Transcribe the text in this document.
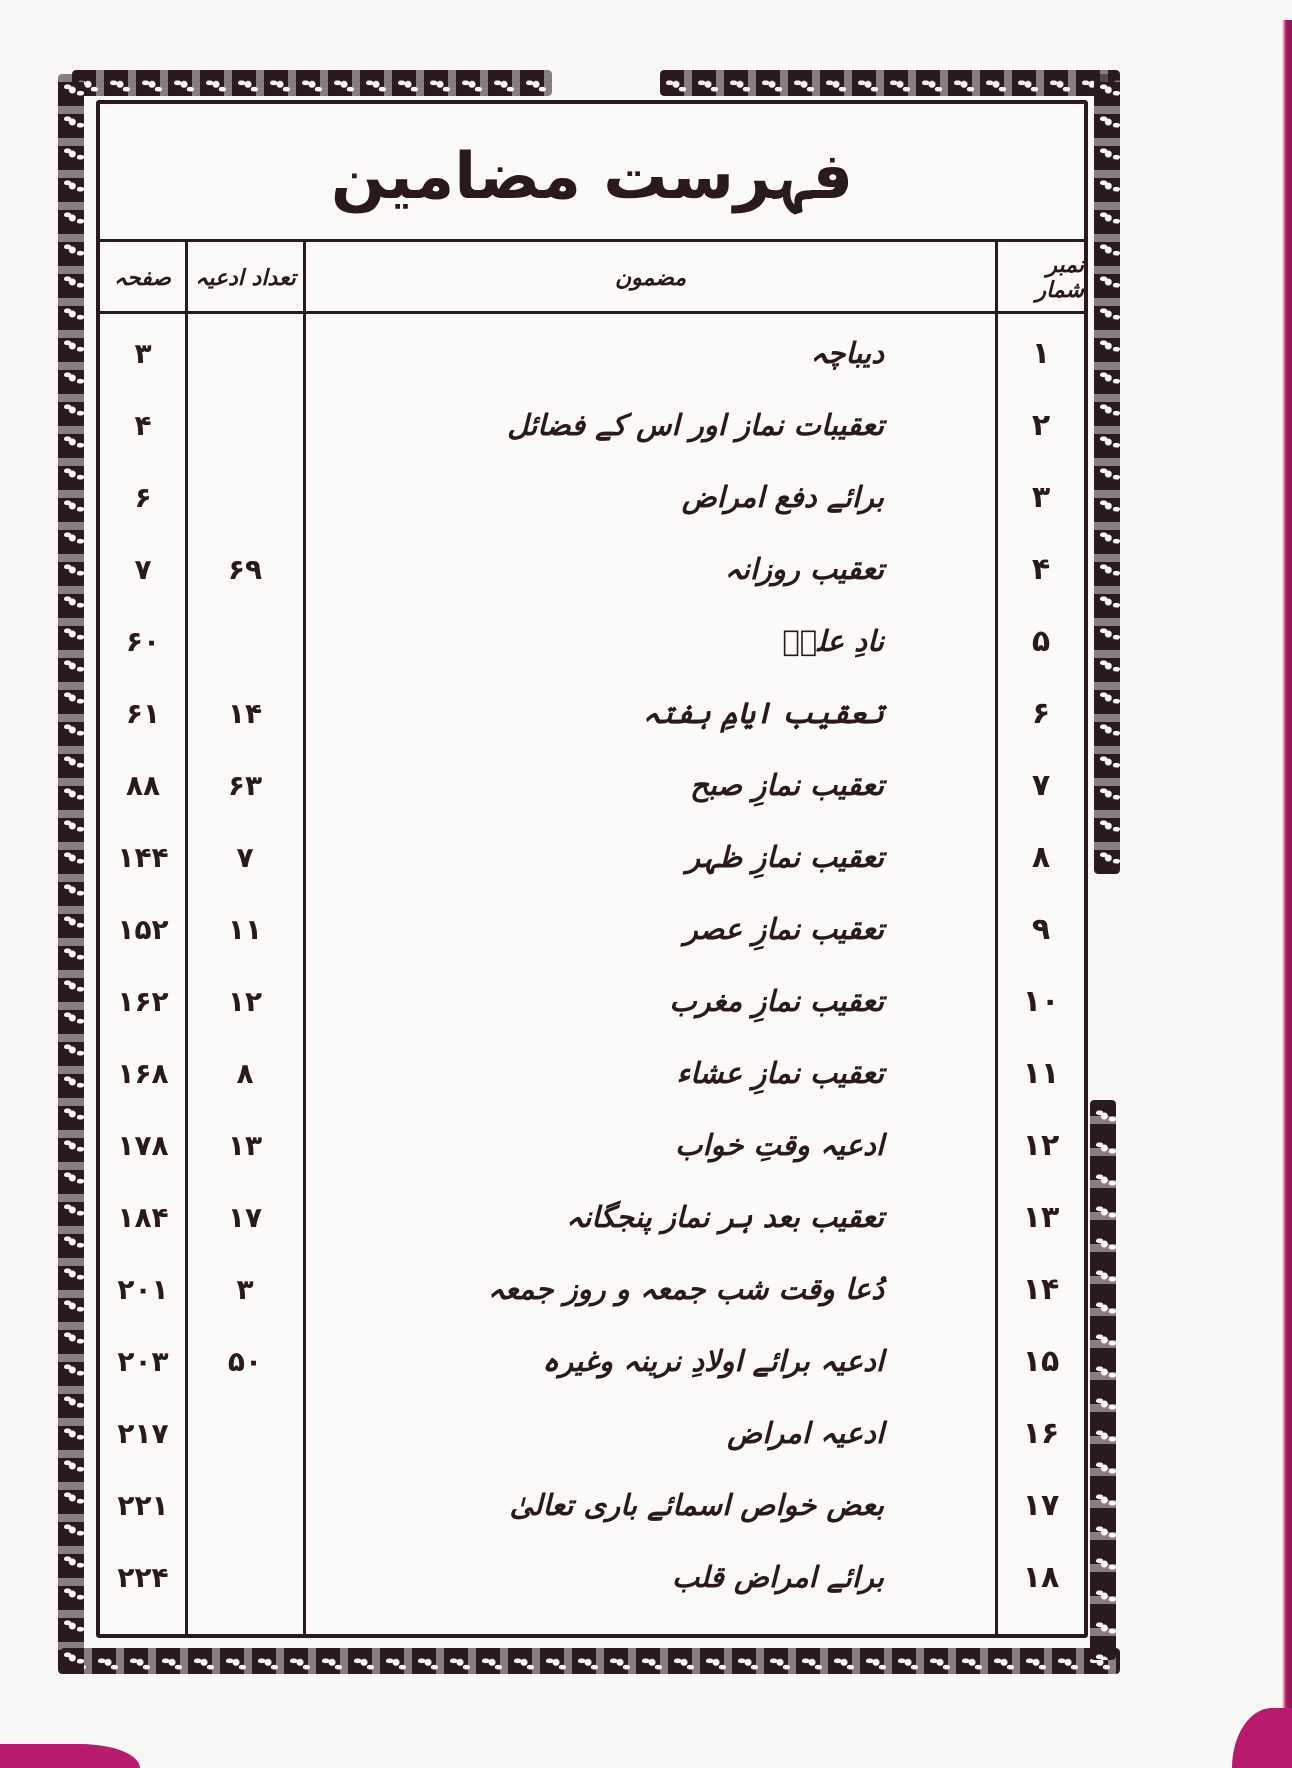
فہرست مضامین
نمبر شمار
مضمون
تعداد ادعیہ
صفحہ
۱
دیباچہ
۳
۲
تعقیبات نماز اور اس کے فضائل
۴
۳
برائے دفع امراض
۶
۴
تعقیب روزانہ
۶۹
۷
۵
نادِ علیؑ
۶۰
۶
تعقیب ایامِ ہفتہ
۱۴
۶۱
۷
تعقیب نمازِ صبح
۶۳
۸۸
۸
تعقیب نمازِ ظہر
۷
۱۴۴
۹
تعقیب نمازِ عصر
۱۱
۱۵۲
۱۰
تعقیب نمازِ مغرب
۱۲
۱۶۲
۱۱
تعقیب نمازِ عشاء
۸
۱۶۸
۱۲
ادعیہ وقتِ خواب
۱۳
۱۷۸
۱۳
تعقیب بعد ہر نماز پنجگانہ
۱۷
۱۸۴
۱۴
دُعا وقت شب جمعہ و روز جمعہ
۳
۲۰۱
۱۵
ادعیہ برائے اولادِ نرینہ وغیرہ
۵۰
۲۰۳
۱۶
ادعیہ امراض
۲۱۷
۱۷
بعض خواص اسمائے باری تعالیٰ
۲۲۱
۱۸
برائے امراض قلب
۲۲۴
